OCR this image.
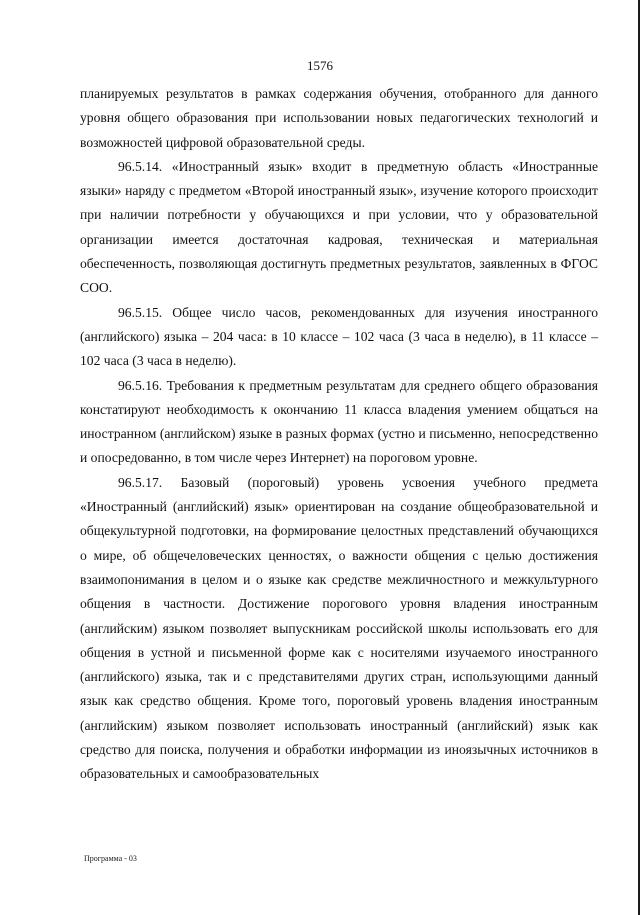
1576

планируемых результатов в рамках содержания обучения, отобранного для данного уровня общего образования при использовании новых педагогических технологий и возможностей цифровой образовательной среды.

96.5.14. «Иностранный язык» входит в предметную область «Иностранные языки» наряду с предметом «Второй иностранный язык», изучение которого происходит при наличии потребности у обучающихся и при условии, что у образовательной организации имеется достаточная кадровая, техническая и материальная обеспеченность, позволяющая достигнуть предметных результатов, заявленных в ФГОС СОО.

96.5.15. Общее число часов, рекомендованных для изучения иностранного (английского) языка – 204 часа: в 10 классе – 102 часа (3 часа в неделю), в 11 классе – 102 часа (3 часа в неделю).

96.5.16. Требования к предметным результатам для среднего общего образования констатируют необходимость к окончанию 11 класса владения умением общаться на иностранном (английском) языке в разных формах (устно и письменно, непосредственно и опосредованно, в том числе через Интернет) на пороговом уровне.

96.5.17. Базовый (пороговый) уровень усвоения учебного предмета «Иностранный (английский) язык» ориентирован на создание общеобразовательной и общекультурной подготовки, на формирование целостных представлений обучающихся о мире, об общечеловеческих ценностях, о важности общения с целью достижения взаимопонимания в целом и о языке как средстве межличностного и межкультурного общения в частности. Достижение порогового уровня владения иностранным (английским) языком позволяет выпускникам российской школы использовать его для общения в устной и письменной форме как с носителями изучаемого иностранного (английского) языка, так и с представителями других стран, использующими данный язык как средство общения. Кроме того, пороговый уровень владения иностранным (английским) языком позволяет использовать иностранный (английский) язык как средство для поиска, получения и обработки информации из иноязычных источников в образовательных и самообразовательных

Программа - 03
